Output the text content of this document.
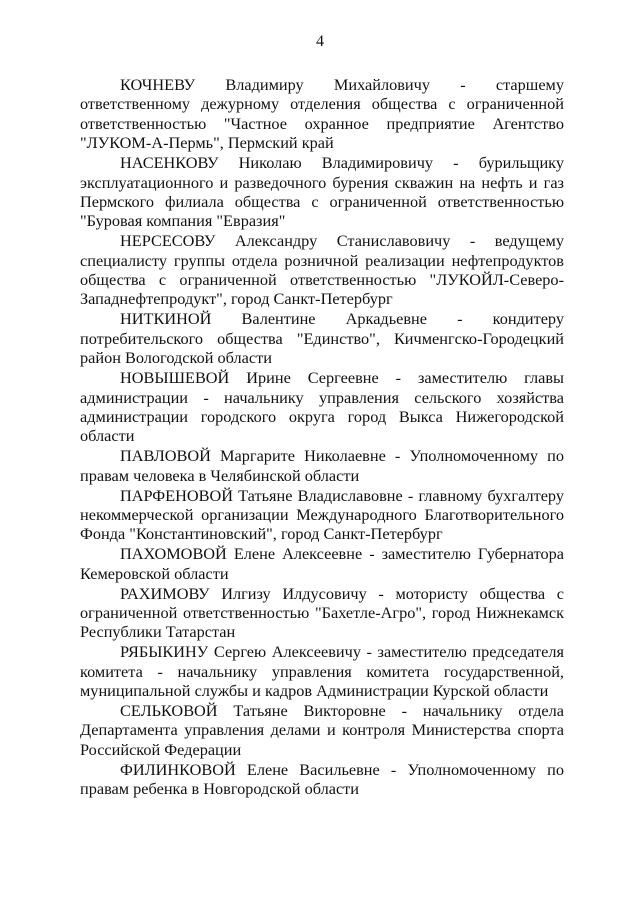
4

КОЧНЕВУ Владимиру Михайловичу - старшему ответственному дежурному отделения общества с ограниченной ответственностью "Частное охранное предприятие Агентство "ЛУКОМ-А-Пермь", Пермский край

НАСЕНКОВУ Николаю Владимировичу - бурильщику эксплуатационного и разведочного бурения скважин на нефть и газ Пермского филиала общества с ограниченной ответственностью "Буровая компания "Евразия"

НЕРСЕСОВУ Александру Станиславовичу - ведущему специалисту группы отдела розничной реализации нефтепродуктов общества с ограниченной ответственностью "ЛУКОЙЛ-Северо-Западнефтепродукт", город Санкт-Петербург

НИТКИНОЙ Валентине Аркадьевне - кондитеру потребительского общества "Единство", Кичменгско-Городецкий район Вологодской области

НОВЫШЕВОЙ Ирине Сергеевне - заместителю главы администрации - начальнику управления сельского хозяйства администрации городского округа город Выкса Нижегородской области

ПАВЛОВОЙ Маргарите Николаевне - Уполномоченному по правам человека в Челябинской области

ПАРФЕНОВОЙ Татьяне Владиславовне - главному бухгалтеру некоммерческой организации Международного Благотворительного Фонда "Константиновский", город Санкт-Петербург

ПАХОМОВОЙ Елене Алексеевне - заместителю Губернатора Кемеровской области

РАХИМОВУ Илгизу Илдусовичу - мотористу общества с ограниченной ответственностью "Бахетле-Агро", город Нижнекамск Республики Татарстан

РЯБЫКИНУ Сергею Алексеевичу - заместителю председателя комитета - начальнику управления комитета государственной, муниципальной службы и кадров Администрации Курской области

СЕЛЬКОВОЙ Татьяне Викторовне - начальнику отдела Департамента управления делами и контроля Министерства спорта Российской Федерации

ФИЛИНКОВОЙ Елене Васильевне - Уполномоченному по правам ребенка в Новгородской области
